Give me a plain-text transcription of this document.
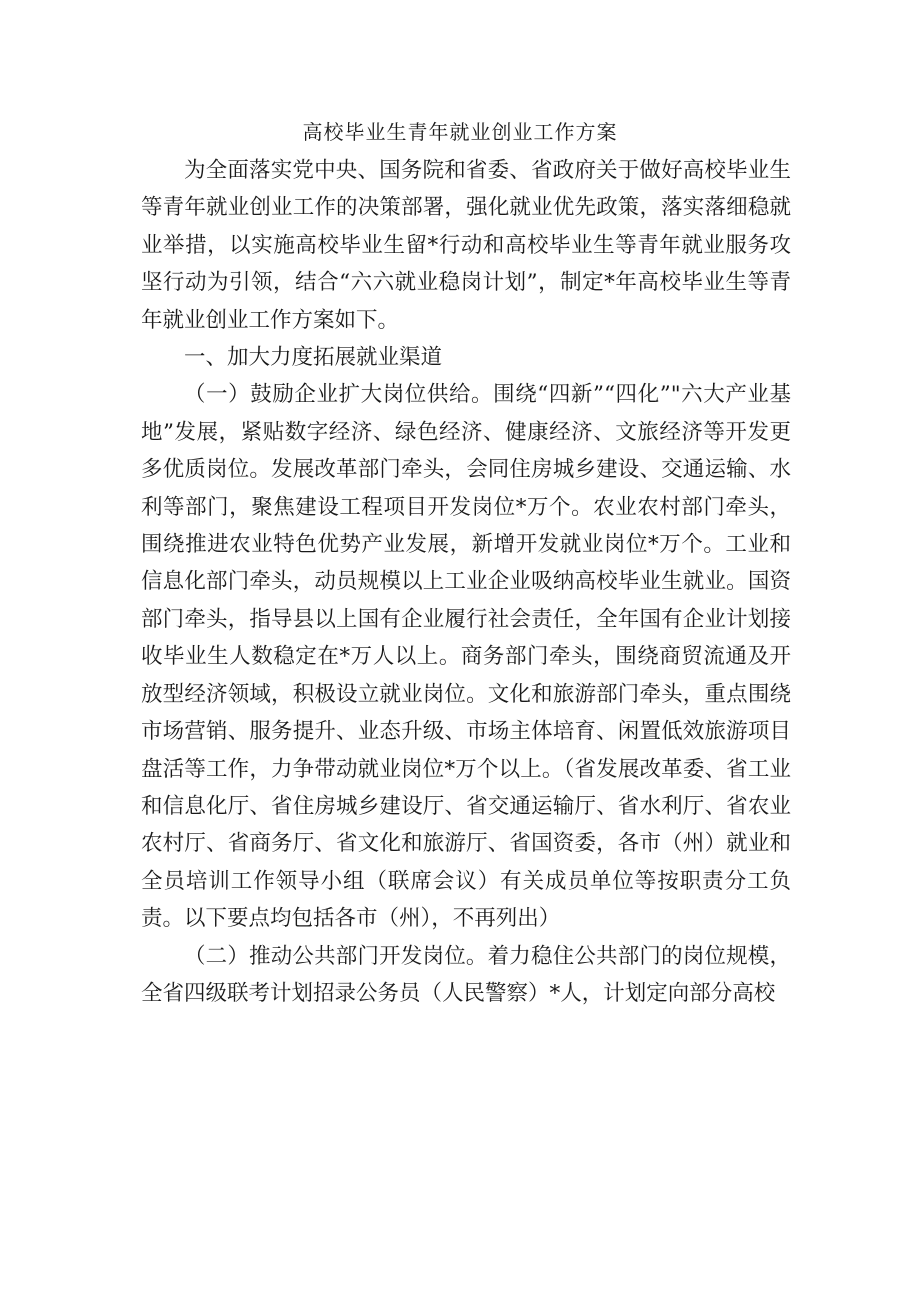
高校毕业生青年就业创业工作方案

为全面落实党中央、国务院和省委、省政府关于做好高校毕业生等青年就业创业工作的决策部署，强化就业优先政策，落实落细稳就业举措，以实施高校毕业生留*行动和高校毕业生等青年就业服务攻坚行动为引领，结合“六六就业稳岗计划”，制定*年高校毕业生等青年就业创业工作方案如下。

一、加大力度拓展就业渠道

（一）鼓励企业扩大岗位供给。围绕“四新”“四化”"六大产业基地”发展，紧贴数字经济、绿色经济、健康经济、文旅经济等开发更多优质岗位。发展改革部门牵头，会同住房城乡建设、交通运输、水利等部门，聚焦建设工程项目开发岗位*万个。农业农村部门牵头，围绕推进农业特色优势产业发展，新增开发就业岗位*万个。工业和信息化部门牵头，动员规模以上工业企业吸纳高校毕业生就业。国资部门牵头，指导县以上国有企业履行社会责任，全年国有企业计划接收毕业生人数稳定在*万人以上。商务部门牵头，围绕商贸流通及开放型经济领域，积极设立就业岗位。文化和旅游部门牵头，重点围绕市场营销、服务提升、业态升级、市场主体培育、闲置低效旅游项目盘活等工作，力争带动就业岗位*万个以上。（省发展改革委、省工业和信息化厅、省住房城乡建设厅、省交通运输厅、省水利厅、省农业农村厅、省商务厅、省文化和旅游厅、省国资委，各市（州）就业和全员培训工作领导小组（联席会议）有关成员单位等按职责分工负责。以下要点均包括各市（州），不再列出）

（二）推动公共部门开发岗位。着力稳住公共部门的岗位规模，全省四级联考计划招录公务员（人民警察）*人，计划定向部分高校
